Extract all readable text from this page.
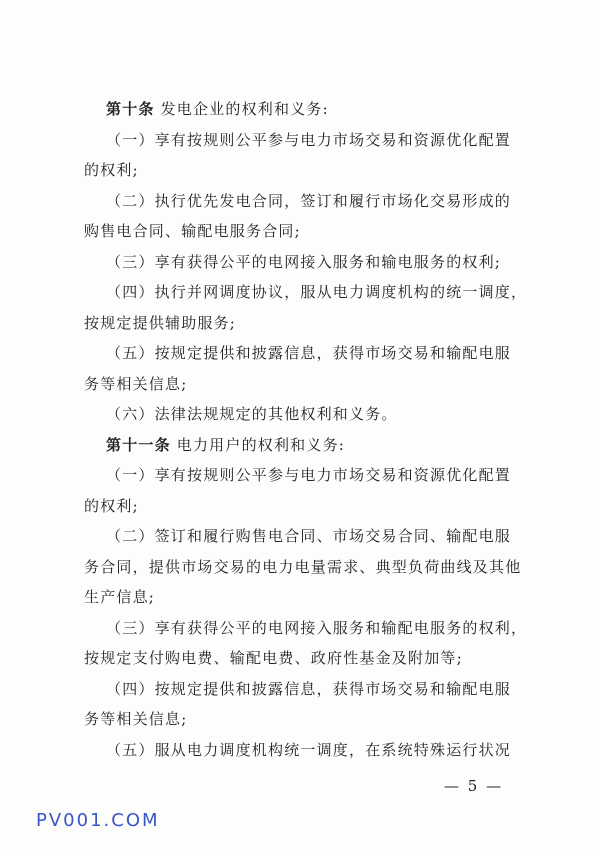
第十条 发电企业的权利和义务:
（一）享有按规则公平参与电力市场交易和资源优化配置
的权利;
（二）执行优先发电合同，签订和履行市场化交易形成的
购售电合同、输配电服务合同;
（三）享有获得公平的电网接入服务和输电服务的权利;
（四）执行并网调度协议，服从电力调度机构的统一调度，
按规定提供辅助服务;
（五）按规定提供和披露信息，获得市场交易和输配电服
务等相关信息;
（六）法律法规规定的其他权利和义务。
第十一条 电力用户的权利和义务:
（一）享有按规则公平参与电力市场交易和资源优化配置
的权利;
（二）签订和履行购售电合同、市场交易合同、输配电服
务合同，提供市场交易的电力电量需求、典型负荷曲线及其他
生产信息;
（三）享有获得公平的电网接入服务和输配电服务的权利，
按规定支付购电费、输配电费、政府性基金及附加等;
（四）按规定提供和披露信息，获得市场交易和输配电服
务等相关信息;
（五）服从电力调度机构统一调度，在系统特殊运行状况
— 5 —
PV001.COM
